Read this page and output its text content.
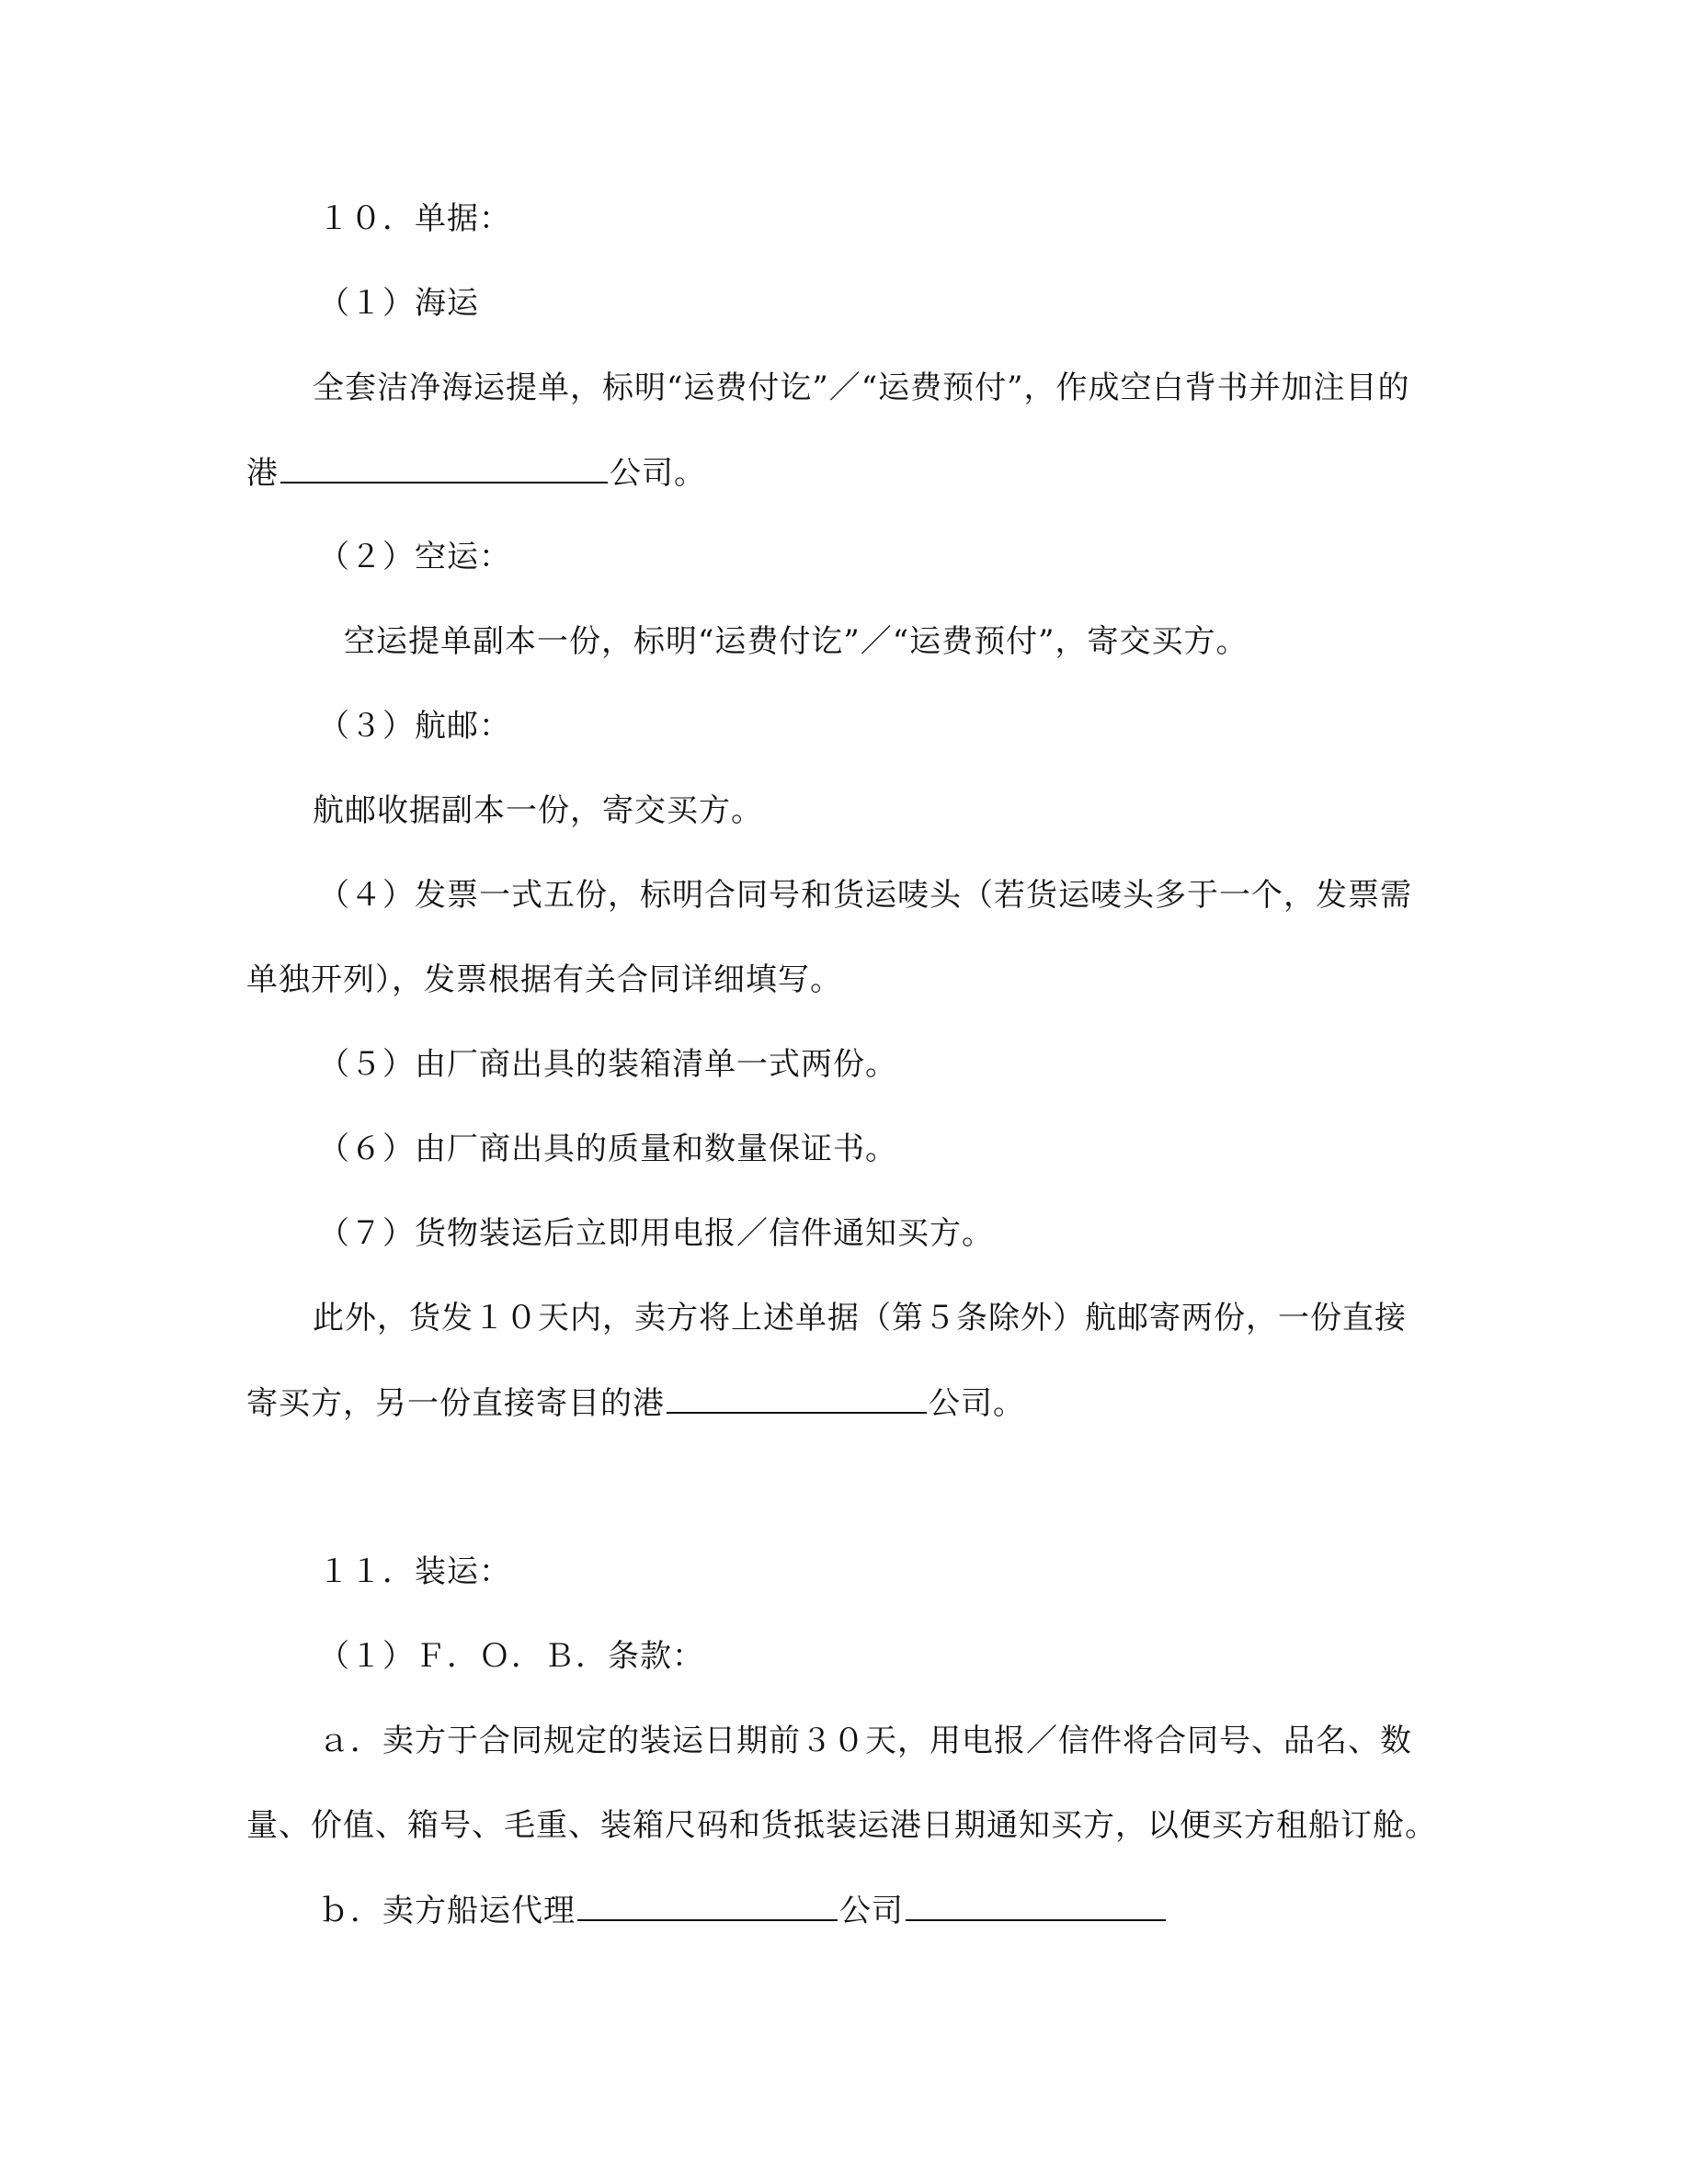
１０．单据：
（１）海运
全套洁净海运提单，标明“运费付讫”／“运费预付”，作成空白背书并加注目的
港	公司。
（２）空运：
空运提单副本一份，标明“运费付讫”／“运费预付”，寄交买方。
（３）航邮：
航邮收据副本一份，寄交买方。
（４）发票一式五份，标明合同号和货运唛头（若货运唛头多于一个，发票需
单独开列），发票根据有关合同详细填写。
（５）由厂商出具的装箱清单一式两份。
（６）由厂商出具的质量和数量保证书。
（７）货物装运后立即用电报／信件通知买方。
此外，货发１０天内，卖方将上述单据（第５条除外）航邮寄两份，一份直接
寄买方，另一份直接寄目的港	公司。
１１．装运：
（１）Ｆ．Ｏ．Ｂ．条款：
ａ．卖方于合同规定的装运日期前３０天，用电报／信件将合同号、品名、数
量、价值、箱号、毛重、装箱尺码和货抵装运港日期通知买方，以便买方租船订舱。
ｂ．卖方船运代理	公司
